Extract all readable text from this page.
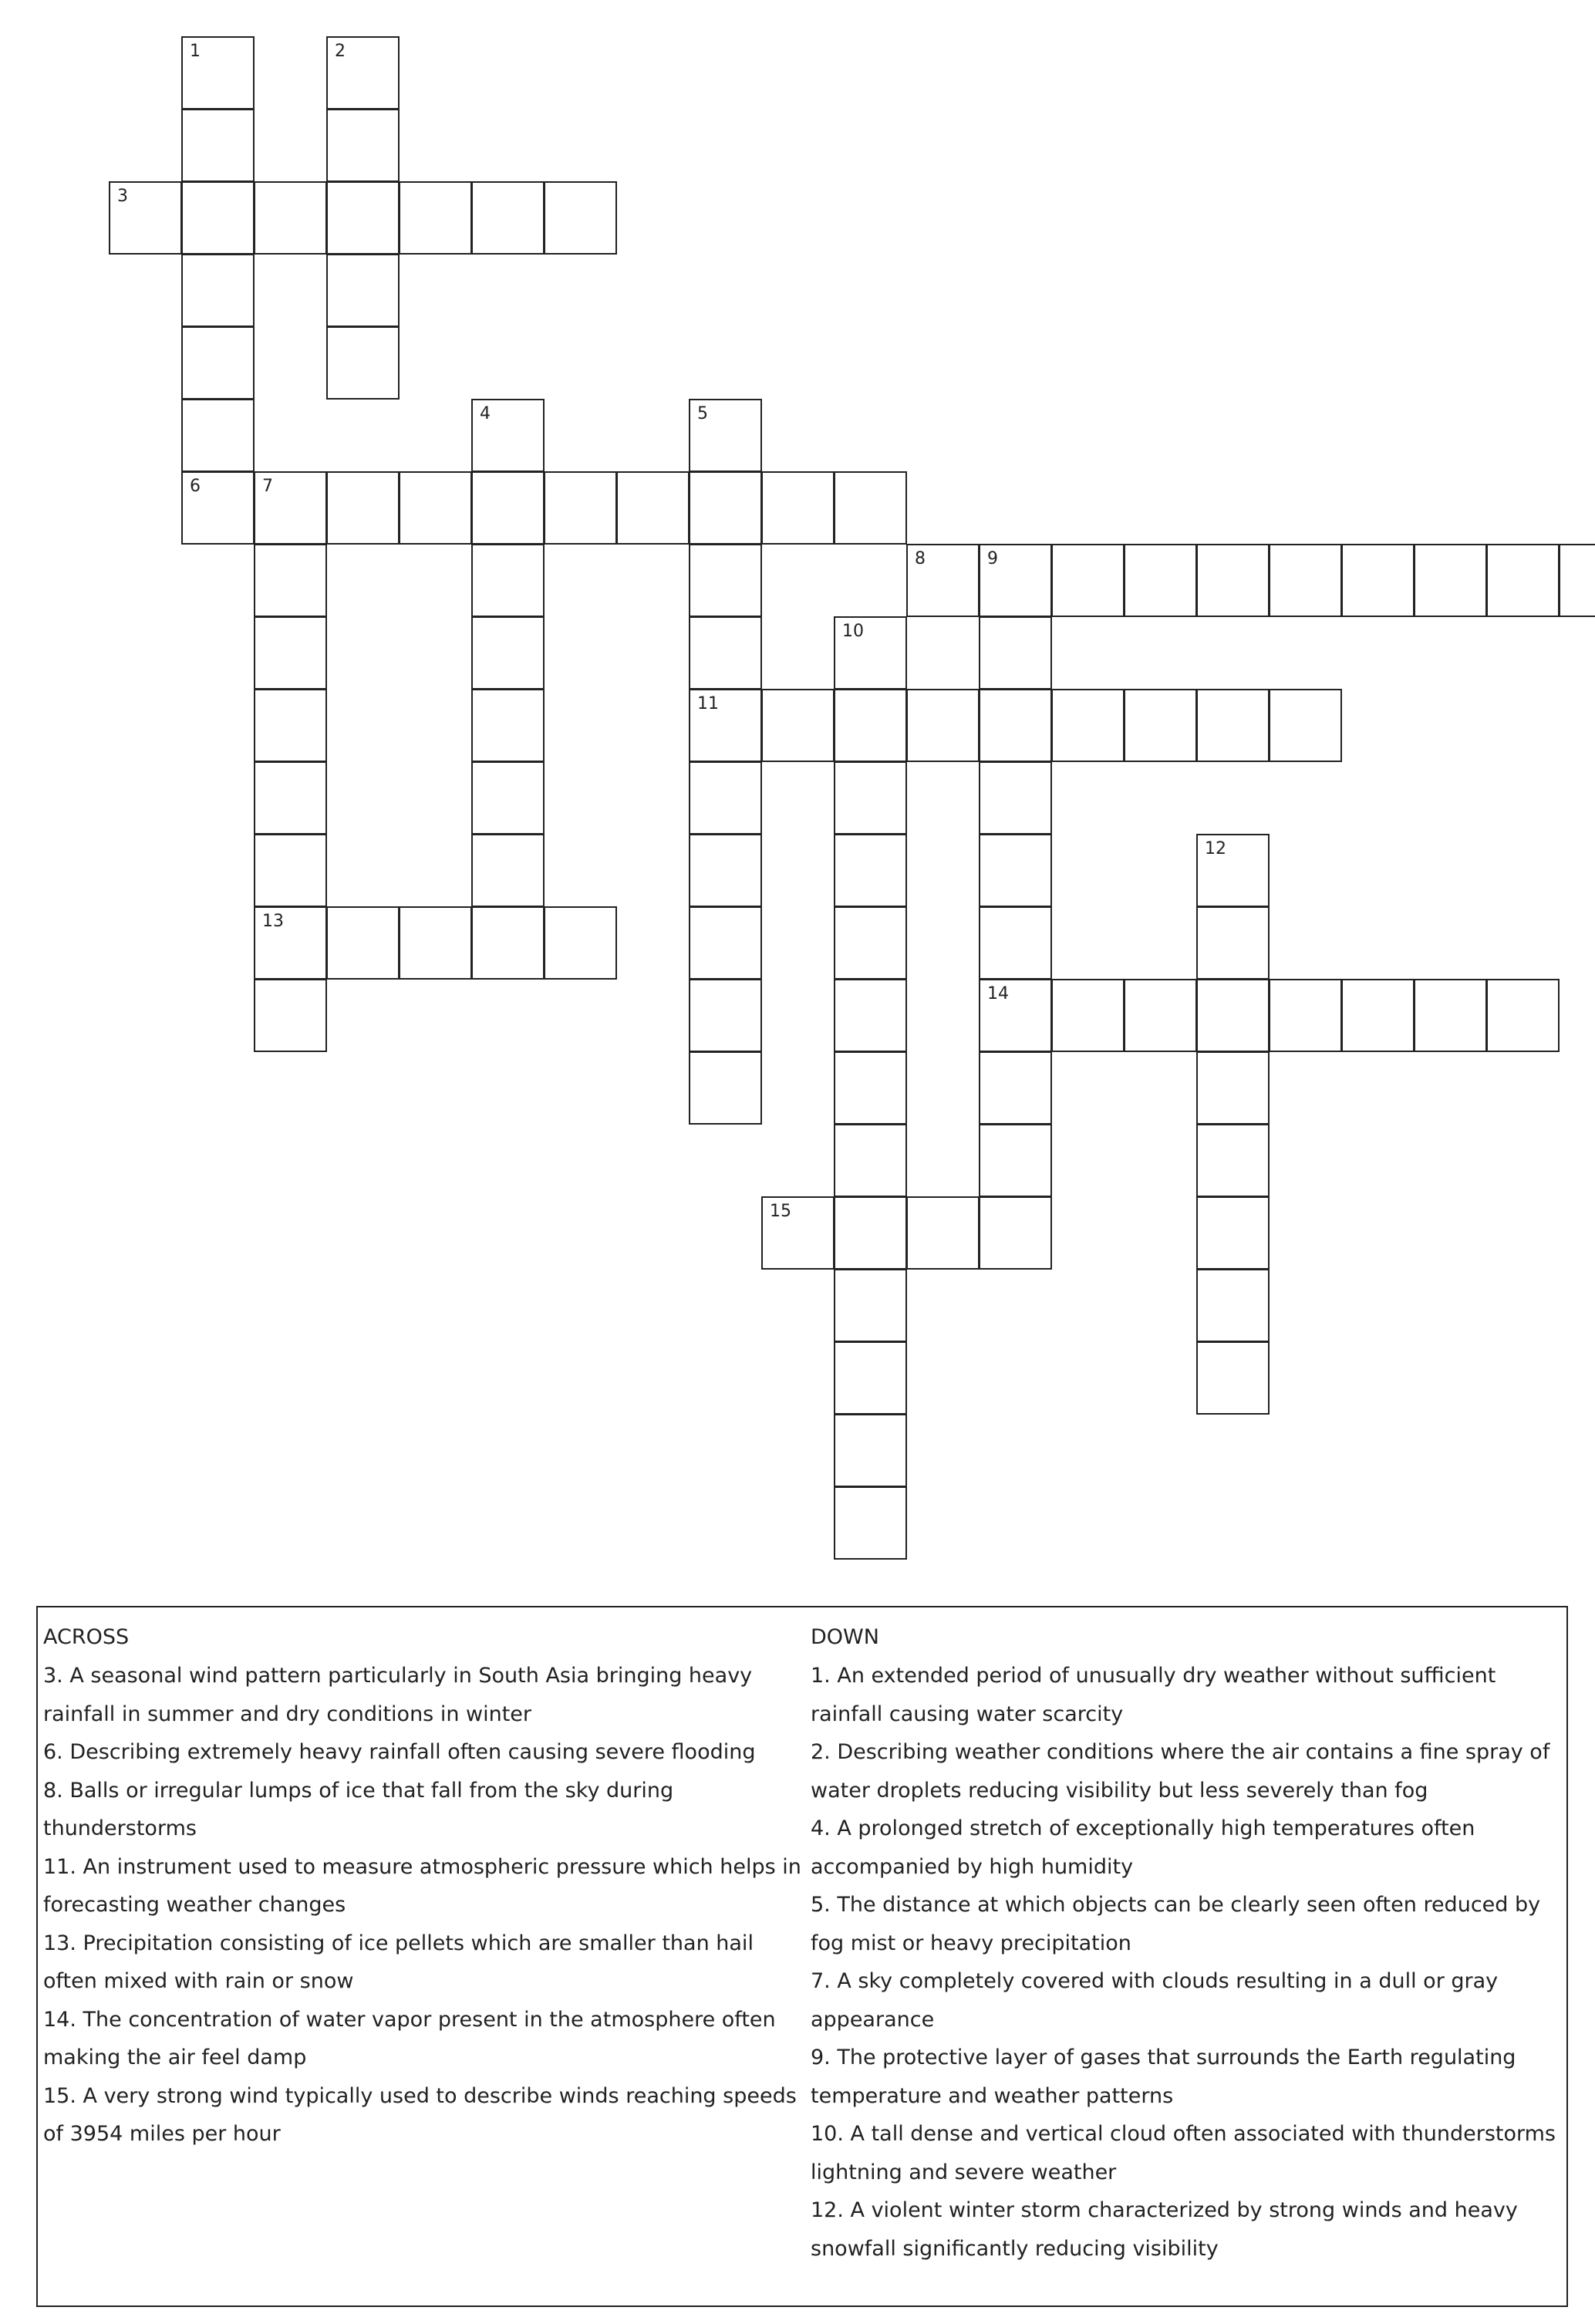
3
6	7
8	9
11
13
14
15
1	2
4	5
10
12
ACROSS
3. A seasonal wind pattern particularly in South Asia bringing heavy rainfall in summer and dry conditions in winter
6. Describing extremely heavy rainfall often causing severe flooding
8. Balls or irregular lumps of ice that fall from the sky during thunderstorms
11. An instrument used to measure atmospheric pressure which helps in forecasting weather changes
13. Precipitation consisting of ice pellets which are smaller than hail often mixed with rain or snow
14. The concentration of water vapor present in the atmosphere often making the air feel damp
15. A very strong wind typically used to describe winds reaching speeds of 3954 miles per hour
DOWN
1. An extended period of unusually dry weather without sufficient rainfall causing water scarcity
2. Describing weather conditions where the air contains a fine spray of water droplets reducing visibility but less severely than fog
4. A prolonged stretch of exceptionally high temperatures often accompanied by high humidity
5. The distance at which objects can be clearly seen often reduced by fog mist or heavy precipitation
7. A sky completely covered with clouds resulting in a dull or gray appearance
9. The protective layer of gases that surrounds the Earth regulating temperature and weather patterns
10. A tall dense and vertical cloud often associated with thunderstorms lightning and severe weather
12. A violent winter storm characterized by strong winds and heavy snowfall significantly reducing visibility
